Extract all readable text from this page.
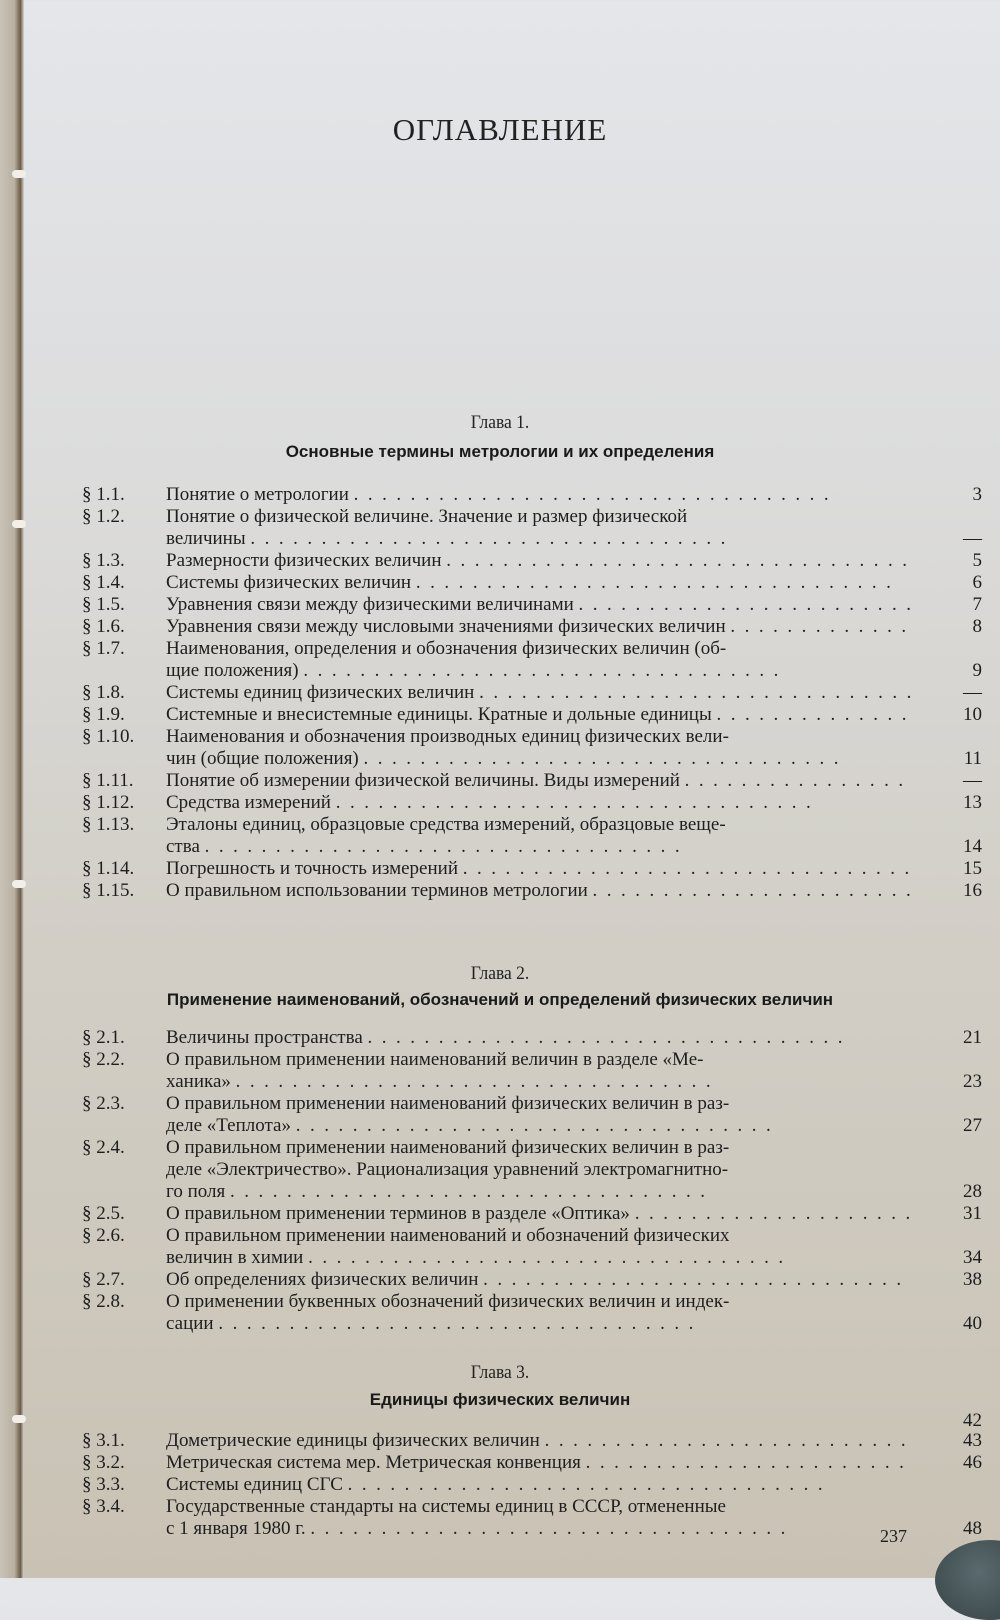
ОГЛАВЛЕНИЕ
Глава 1.
Основные термины метрологии и их определения
Глава 2.
Применение наименований, обозначений и определений физических величин
Глава 3.
Единицы физических величин
42
§ 1.1.	Понятие о метрологии . .	3
§ 1.2.	Понятие о физической величине. Значение и размер физической
величины . .	—
§ 1.3.	Размерности физических величин . .	5
§ 1.4.	Системы физических величин . .	6
§ 1.5.	Уравнения связи между физическими величинами . .	7
§ 1.6.	Уравнения связи между числовыми значениями физических величин . .	8
§ 1.7.	Наименования, определения и обозначения физических величин (об-
щие положения) . .	9
§ 1.8.	Системы единиц физических величин . .	—
§ 1.9.	Системные и внесистемные единицы. Кратные и дольные единицы . .	10
§ 1.10.	Наименования и обозначения производных единиц физических вели-
чин (общие положения) . .	11
§ 1.11.	Понятие об измерении физической величины. Виды измерений . .	—
§ 1.12.	Средства измерений . .	13
§ 1.13.	Эталоны единиц, образцовые средства измерений, образцовые веще-
ства . .	14
§ 1.14.	Погрешность и точность измерений . .	15
§ 1.15.	О правильном использовании терминов метрологии . .	16
§ 2.1.	Величины пространства . .	21
§ 2.2.	О правильном применении наименований величин в разделе «Ме-
ханика» . .	23
§ 2.3.	О правильном применении наименований физических величин в раз-
деле «Теплота» . .	27
§ 2.4.	О правильном применении наименований физических величин в раз-
деле «Электричество». Рационализация уравнений электромагнитно-
го поля . .	28
§ 2.5.	О правильном применении терминов в разделе «Оптика» . .	31
§ 2.6.	О правильном применении наименований и обозначений физических
величин в химии . .	34
§ 2.7.	Об определениях физических величин . .	38
§ 2.8.	О применении буквенных обозначений физических величин и индек-
сации . .	40
§ 3.1.	Дометрические единицы физических величин . .	43
§ 3.2.	Метрическая система мер. Метрическая конвенция . .	46
§ 3.3.	Системы единиц СГС . .
§ 3.4.	Государственные стандарты на системы единиц в СССР, отмененные
с 1 января 1980 г. . .	48
237
